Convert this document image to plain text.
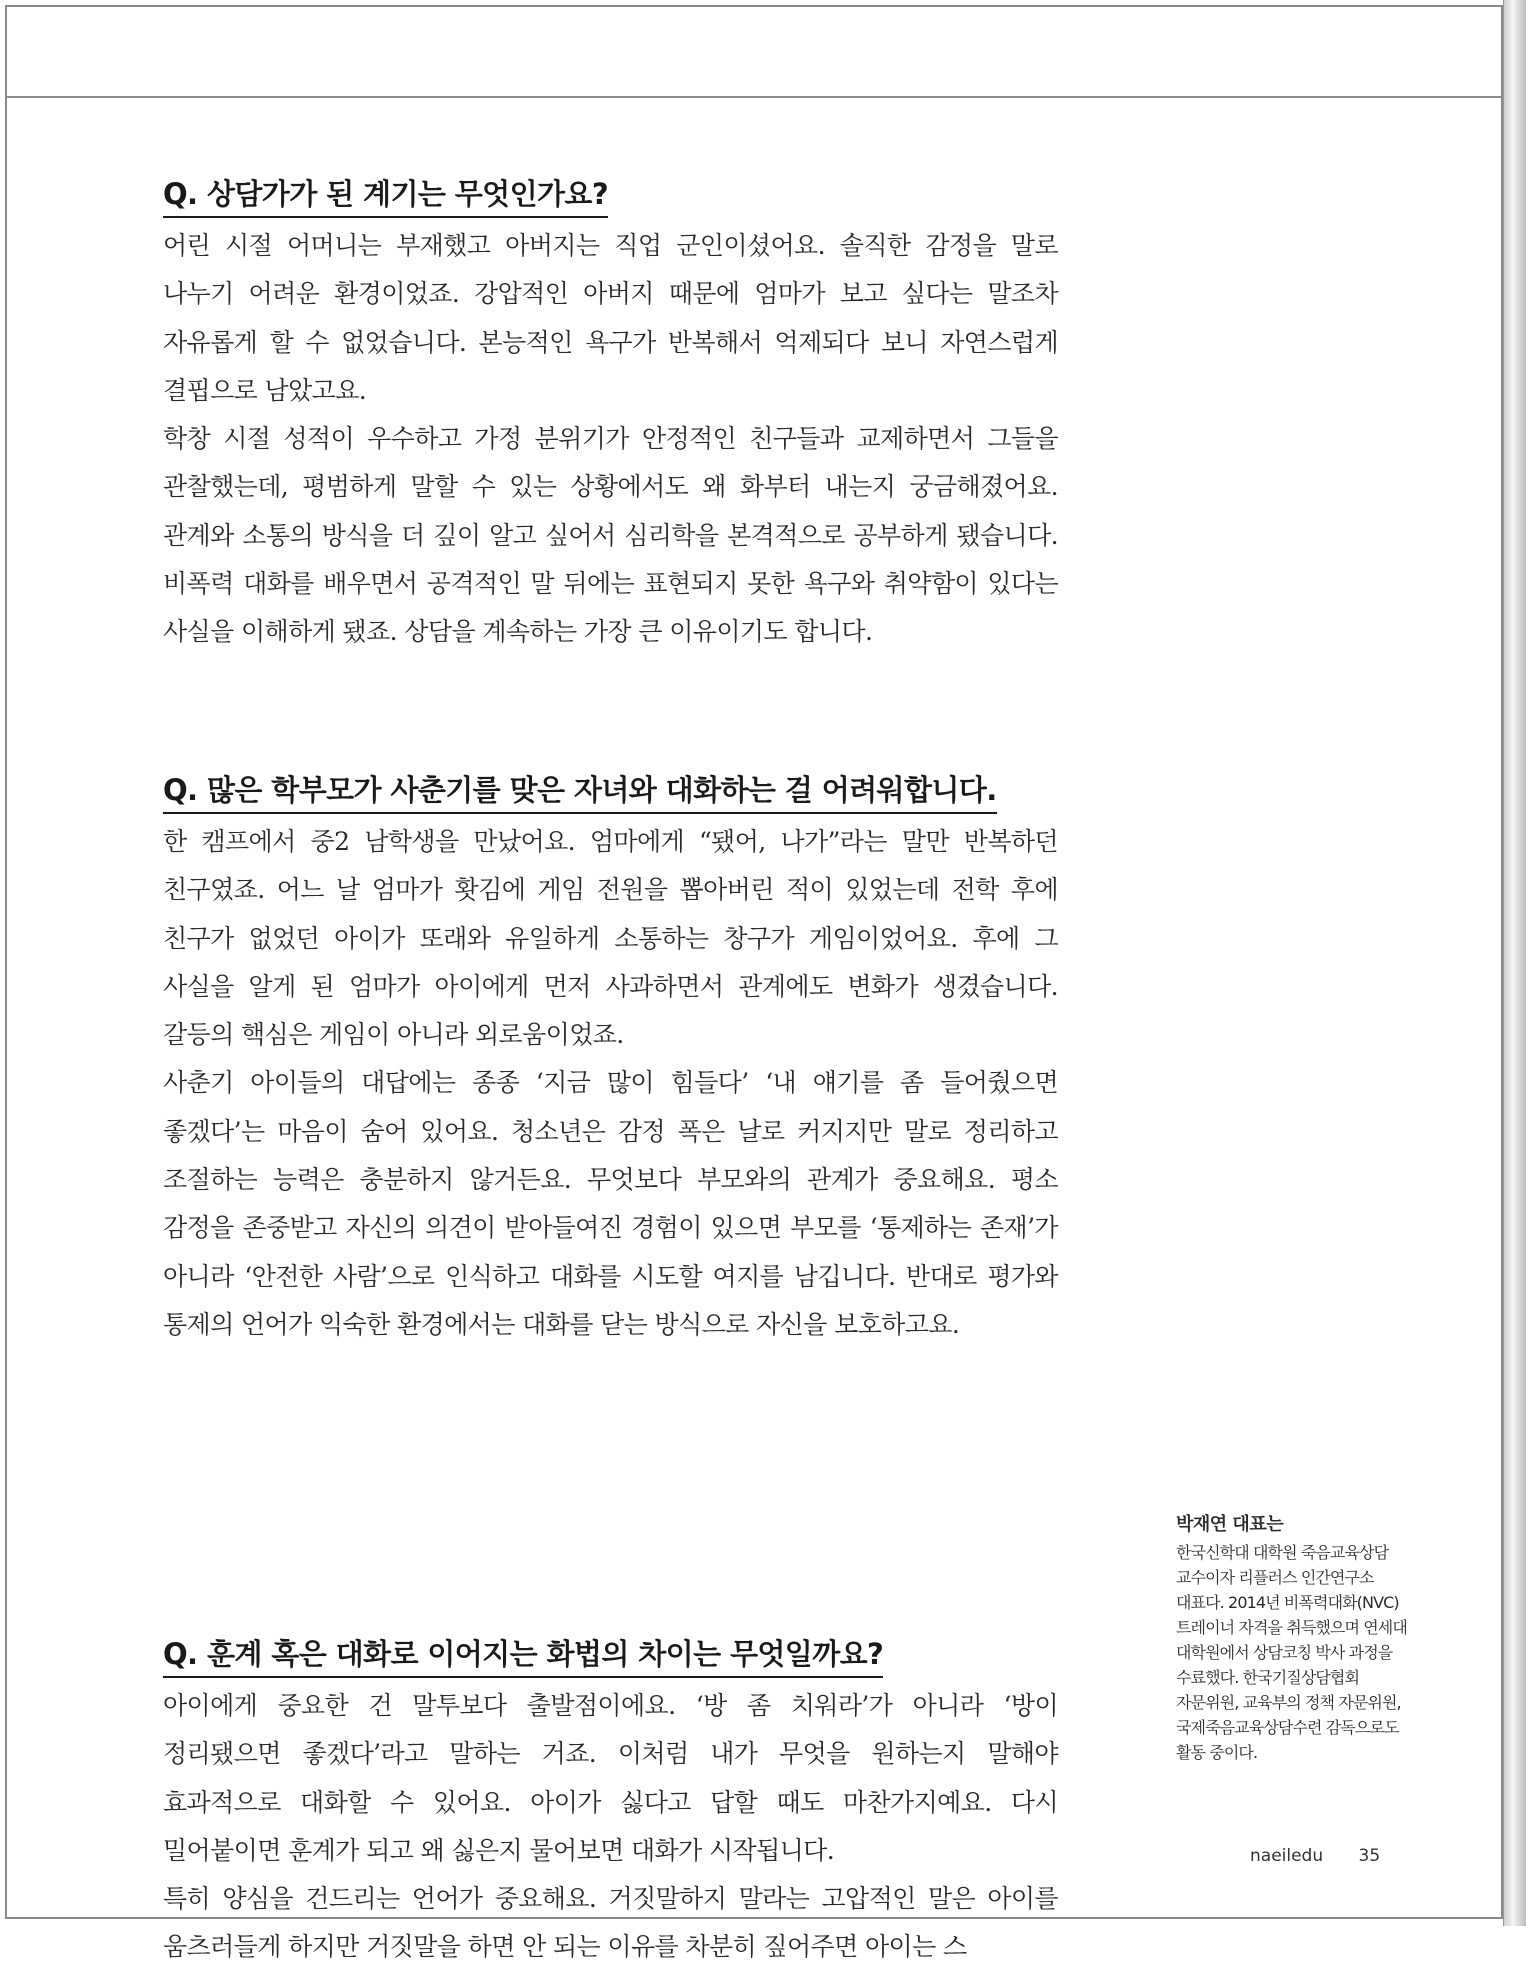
Q. 상담가가 된 계기는 무엇인가요?

어린 시절 어머니는 부재했고 아버지는 직업 군인이셨어요. 솔직한 감정을 말로 나누기 어려운 환경이었죠. 강압적인 아버지 때문에 엄마가 보고 싶다는 말조차 자유롭게 할 수 없었습니다. 본능적인 욕구가 반복해서 억제되다 보니 자연스럽게 결핍으로 남았고요.

학창 시절 성적이 우수하고 가정 분위기가 안정적인 친구들과 교제하면서 그들을 관찰했는데, 평범하게 말할 수 있는 상황에서도 왜 화부터 내는지 궁금해졌어요. 관계와 소통의 방식을 더 깊이 알고 싶어서 심리학을 본격적으로 공부하게 됐습니다. 비폭력 대화를 배우면서 공격적인 말 뒤에는 표현되지 못한 욕구와 취약함이 있다는 사실을 이해하게 됐죠. 상담을 계속하는 가장 큰 이유이기도 합니다.

Q. 많은 학부모가 사춘기를 맞은 자녀와 대화하는 걸 어려워합니다.

한 캠프에서 중2 남학생을 만났어요. 엄마에게 “됐어, 나가”라는 말만 반복하던 친구였죠. 어느 날 엄마가 홧김에 게임 전원을 뽑아버린 적이 있었는데 전학 후에 친구가 없었던 아이가 또래와 유일하게 소통하는 창구가 게임이었어요. 후에 그 사실을 알게 된 엄마가 아이에게 먼저 사과하면서 관계에도 변화가 생겼습니다. 갈등의 핵심은 게임이 아니라 외로움이었죠.

사춘기 아이들의 대답에는 종종 ‘지금 많이 힘들다’ ‘내 얘기를 좀 들어줬으면 좋겠다’는 마음이 숨어 있어요. 청소년은 감정 폭은 날로 커지지만 말로 정리하고 조절하는 능력은 충분하지 않거든요. 무엇보다 부모와의 관계가 중요해요. 평소 감정을 존중받고 자신의 의견이 받아들여진 경험이 있으면 부모를 ‘통제하는 존재’가 아니라 ‘안전한 사람’으로 인식하고 대화를 시도할 여지를 남깁니다. 반대로 평가와 통제의 언어가 익숙한 환경에서는 대화를 닫는 방식으로 자신을 보호하고요.

Q. 훈계 혹은 대화로 이어지는 화법의 차이는 무엇일까요?

아이에게 중요한 건 말투보다 출발점이에요. ‘방 좀 치워라’가 아니라 ‘방이 정리됐으면 좋겠다’라고 말하는 거죠. 이처럼 내가 무엇을 원하는지 말해야 효과적으로 대화할 수 있어요. 아이가 싫다고 답할 때도 마찬가지예요. 다시 밀어붙이면 훈계가 되고 왜 싫은지 물어보면 대화가 시작됩니다.

특히 양심을 건드리는 언어가 중요해요. 거짓말하지 말라는 고압적인 말은 아이를 움츠러들게 하지만 거짓말을 하면 안 되는 이유를 차분히 짚어주면 아이는 스

박재연 대표는

한국신학대 대학원 죽음교육상담 교수이자 리플러스 인간연구소 대표다. 2014년 비폭력대화(NVC) 트레이너 자격을 취득했으며 연세대 대학원에서 상담코칭 박사 과정을 수료했다. 한국기질상담협회 자문위원, 교육부의 정책 자문위원, 국제죽음교육상담수련 감독으로도 활동 중이다.

naeiledu 35
